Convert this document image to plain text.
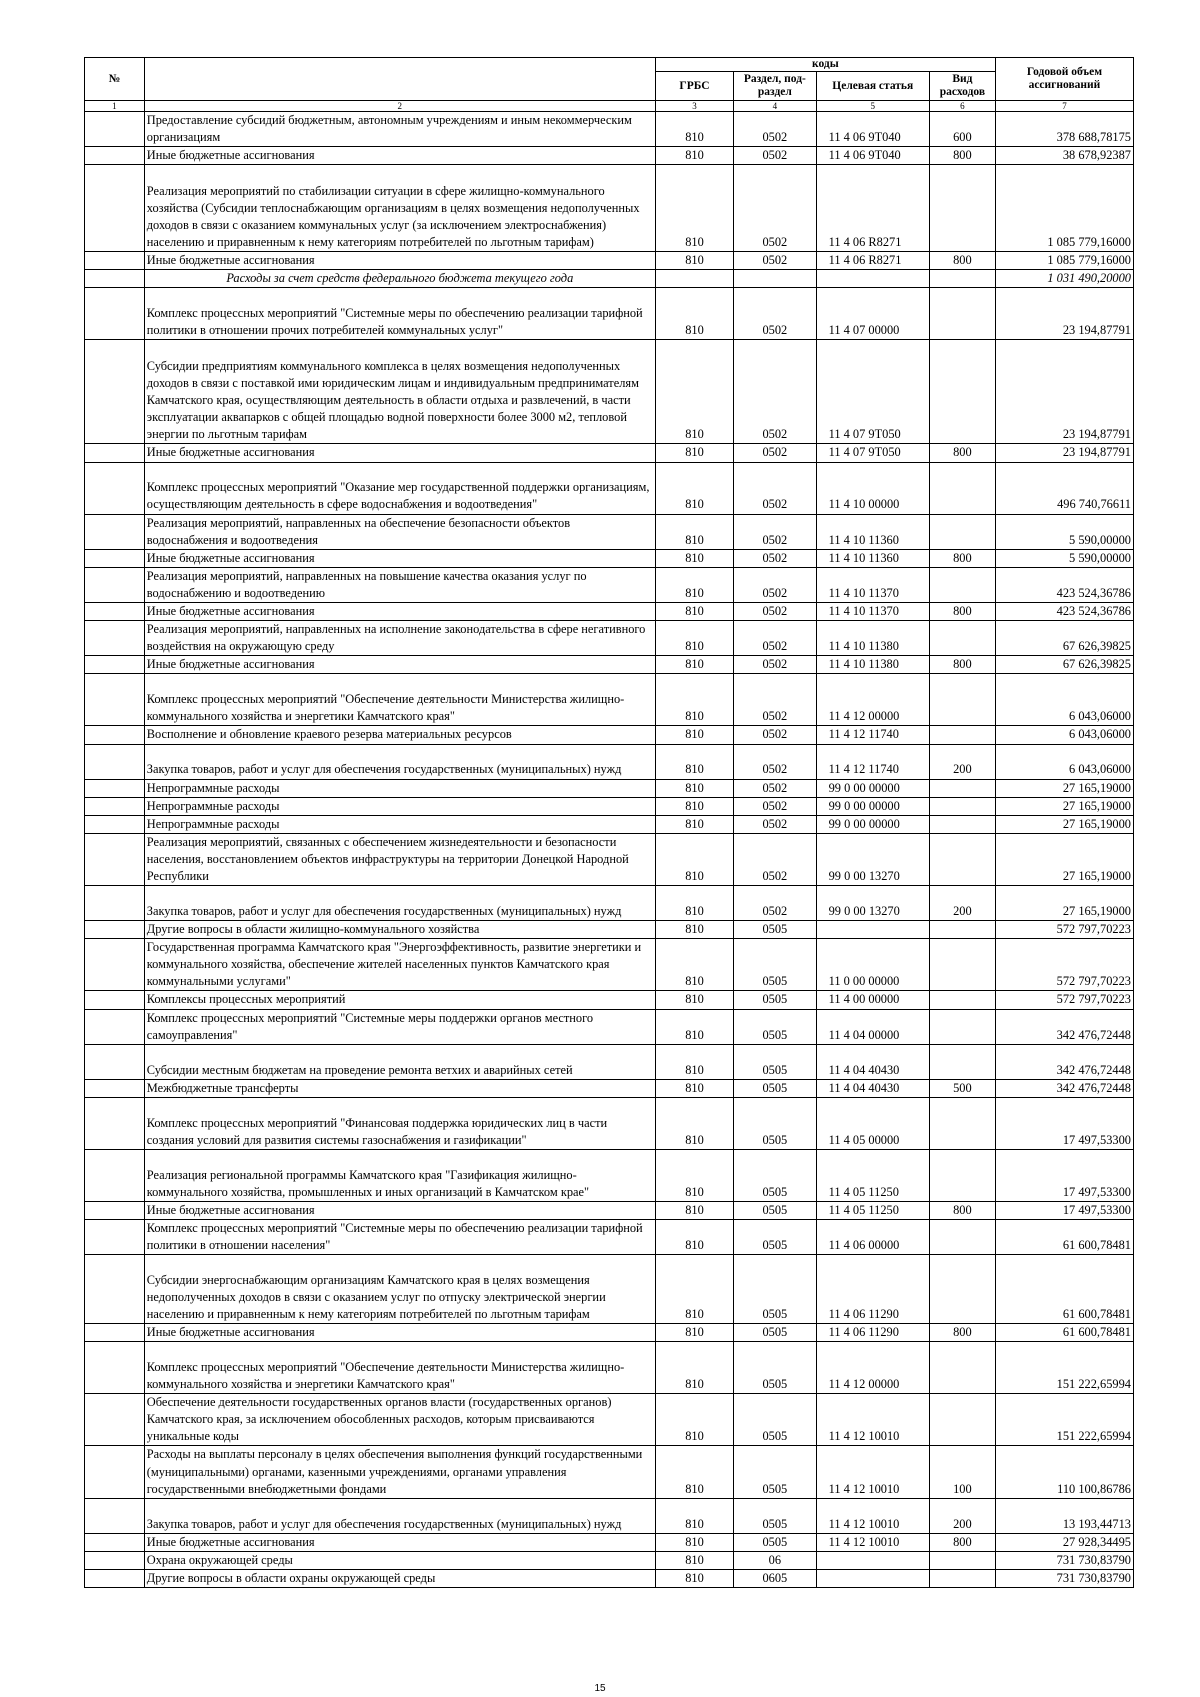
№		коды				Годовой объем ассигнований
		ГРБС	Раздел, под-раздел	Целевая статья	Вид расходов	
1	2	3	4	5	6	7
	Предоставление субсидий бюджетным, автономным учреждениям и иным некоммерческим организациям	810	0502	11 4 06 9Т040	600	378 688,78175
	Иные бюджетные ассигнования	810	0502	11 4 06 9Т040	800	38 678,92387
	Реализация мероприятий по стабилизации ситуации в сфере жилищно-коммунального хозяйства (Субсидии теплоснабжающим организациям в целях возмещения недополученных доходов в связи с оказанием коммунальных услуг (за исключением электроснабжения) населению и приравненным к нему категориям потребителей по льготным тарифам)	810	0502	11 4 06 R8271		1 085 779,16000
	Иные бюджетные ассигнования	810	0502	11 4 06 R8271	800	1 085 779,16000
	Расходы за счет средств федерального бюджета текущего года					1 031 490,20000
	Комплекс процессных мероприятий "Системные меры по обеспечению реализации тарифной политики в отношении прочих потребителей коммунальных услуг"	810	0502	11 4 07 00000		23 194,87791
	Субсидии предприятиям коммунального комплекса в целях возмещения недополученных доходов в связи с поставкой ими юридическим лицам и индивидуальным предпринимателям Камчатского края, осуществляющим деятельность в области отдыха и развлечений, в части эксплуатации аквапарков с общей площадью водной поверхности более 3000 м2, тепловой энергии по льготным тарифам	810	0502	11 4 07 9Т050		23 194,87791
	Иные бюджетные ассигнования	810	0502	11 4 07 9Т050	800	23 194,87791
	Комплекс процессных мероприятий "Оказание мер государственной поддержки организациям, осуществляющим деятельность в сфере водоснабжения и водоотведения"	810	0502	11 4 10 00000		496 740,76611
	Реализация мероприятий, направленных на обеспечение безопасности объектов водоснабжения и водоотведения	810	0502	11 4 10 11360		5 590,00000
	Иные бюджетные ассигнования	810	0502	11 4 10 11360	800	5 590,00000
	Реализация мероприятий, направленных на повышение качества оказания услуг по водоснабжению и водоотведению	810	0502	11 4 10 11370		423 524,36786
	Иные бюджетные ассигнования	810	0502	11 4 10 11370	800	423 524,36786
	Реализация мероприятий, направленных на исполнение законодательства в сфере негативного воздействия на окружающую среду	810	0502	11 4 10 11380		67 626,39825
	Иные бюджетные ассигнования	810	0502	11 4 10 11380	800	67 626,39825
	Комплекс процессных мероприятий "Обеспечение деятельности Министерства жилищно-коммунального хозяйства и энергетики Камчатского края"	810	0502	11 4 12 00000		6 043,06000
	Восполнение и обновление краевого резерва материальных ресурсов	810	0502	11 4 12 11740		6 043,06000
	Закупка товаров, работ и услуг для обеспечения государственных (муниципальных) нужд	810	0502	11 4 12 11740	200	6 043,06000
	Непрограммные расходы	810	0502	99 0 00 00000		27 165,19000
	Непрограммные расходы	810	0502	99 0 00 00000		27 165,19000
	Непрограммные расходы	810	0502	99 0 00 00000		27 165,19000
	Реализация мероприятий, связанных с обеспечением жизнедеятельности и безопасности населения, восстановлением объектов инфраструктуры на территории Донецкой Народной Республики	810	0502	99 0 00 13270		27 165,19000
	Закупка товаров, работ и услуг для обеспечения государственных (муниципальных) нужд	810	0502	99 0 00 13270	200	27 165,19000
	Другие вопросы в области жилищно-коммунального хозяйства	810	0505			572 797,70223
	Государственная программа Камчатского края "Энергоэффективность, развитие энергетики и коммунального хозяйства, обеспечение жителей населенных пунктов Камчатского края коммунальными услугами"	810	0505	11 0 00 00000		572 797,70223
	Комплексы процессных мероприятий	810	0505	11 4 00 00000		572 797,70223
	Комплекс процессных мероприятий "Системные меры поддержки органов местного самоуправления"	810	0505	11 4 04 00000		342 476,72448
	Субсидии местным бюджетам на проведение ремонта ветхих и аварийных сетей	810	0505	11 4 04 40430		342 476,72448
	Межбюджетные трансферты	810	0505	11 4 04 40430	500	342 476,72448
	Комплекс процессных мероприятий "Финансовая поддержка юридических лиц в части создания условий для развития системы газоснабжения и газификации"	810	0505	11 4 05 00000		17 497,53300
	Реализация региональной программы Камчатского края "Газификация жилищно-коммунального хозяйства, промышленных и иных организаций в Камчатском крае"	810	0505	11 4 05 11250		17 497,53300
	Иные бюджетные ассигнования	810	0505	11 4 05 11250	800	17 497,53300
	Комплекс процессных мероприятий "Системные меры по обеспечению реализации тарифной политики в отношении населения"	810	0505	11 4 06 00000		61 600,78481
	Субсидии энергоснабжающим организациям Камчатского края в целях возмещения недополученных доходов в связи с оказанием услуг по отпуску электрической энергии населению и приравненным к нему категориям потребителей по льготным тарифам	810	0505	11 4 06 11290		61 600,78481
	Иные бюджетные ассигнования	810	0505	11 4 06 11290	800	61 600,78481
	Комплекс процессных мероприятий "Обеспечение деятельности Министерства жилищно-коммунального хозяйства и энергетики Камчатского края"	810	0505	11 4 12 00000		151 222,65994
	Обеспечение деятельности государственных органов власти (государственных органов) Камчатского края, за исключением обособленных расходов, которым присваиваются уникальные коды	810	0505	11 4 12 10010		151 222,65994
	Расходы на выплаты персоналу в целях обеспечения выполнения функций государственными (муниципальными) органами, казенными учреждениями, органами управления государственными внебюджетными фондами	810	0505	11 4 12 10010	100	110 100,86786
	Закупка товаров, работ и услуг для обеспечения государственных (муниципальных) нужд	810	0505	11 4 12 10010	200	13 193,44713
	Иные бюджетные ассигнования	810	0505	11 4 12 10010	800	27 928,34495
	Охрана окружающей среды	810	06			731 730,83790
	Другие вопросы в области охраны окружающей среды	810	0605			731 730,83790
15
